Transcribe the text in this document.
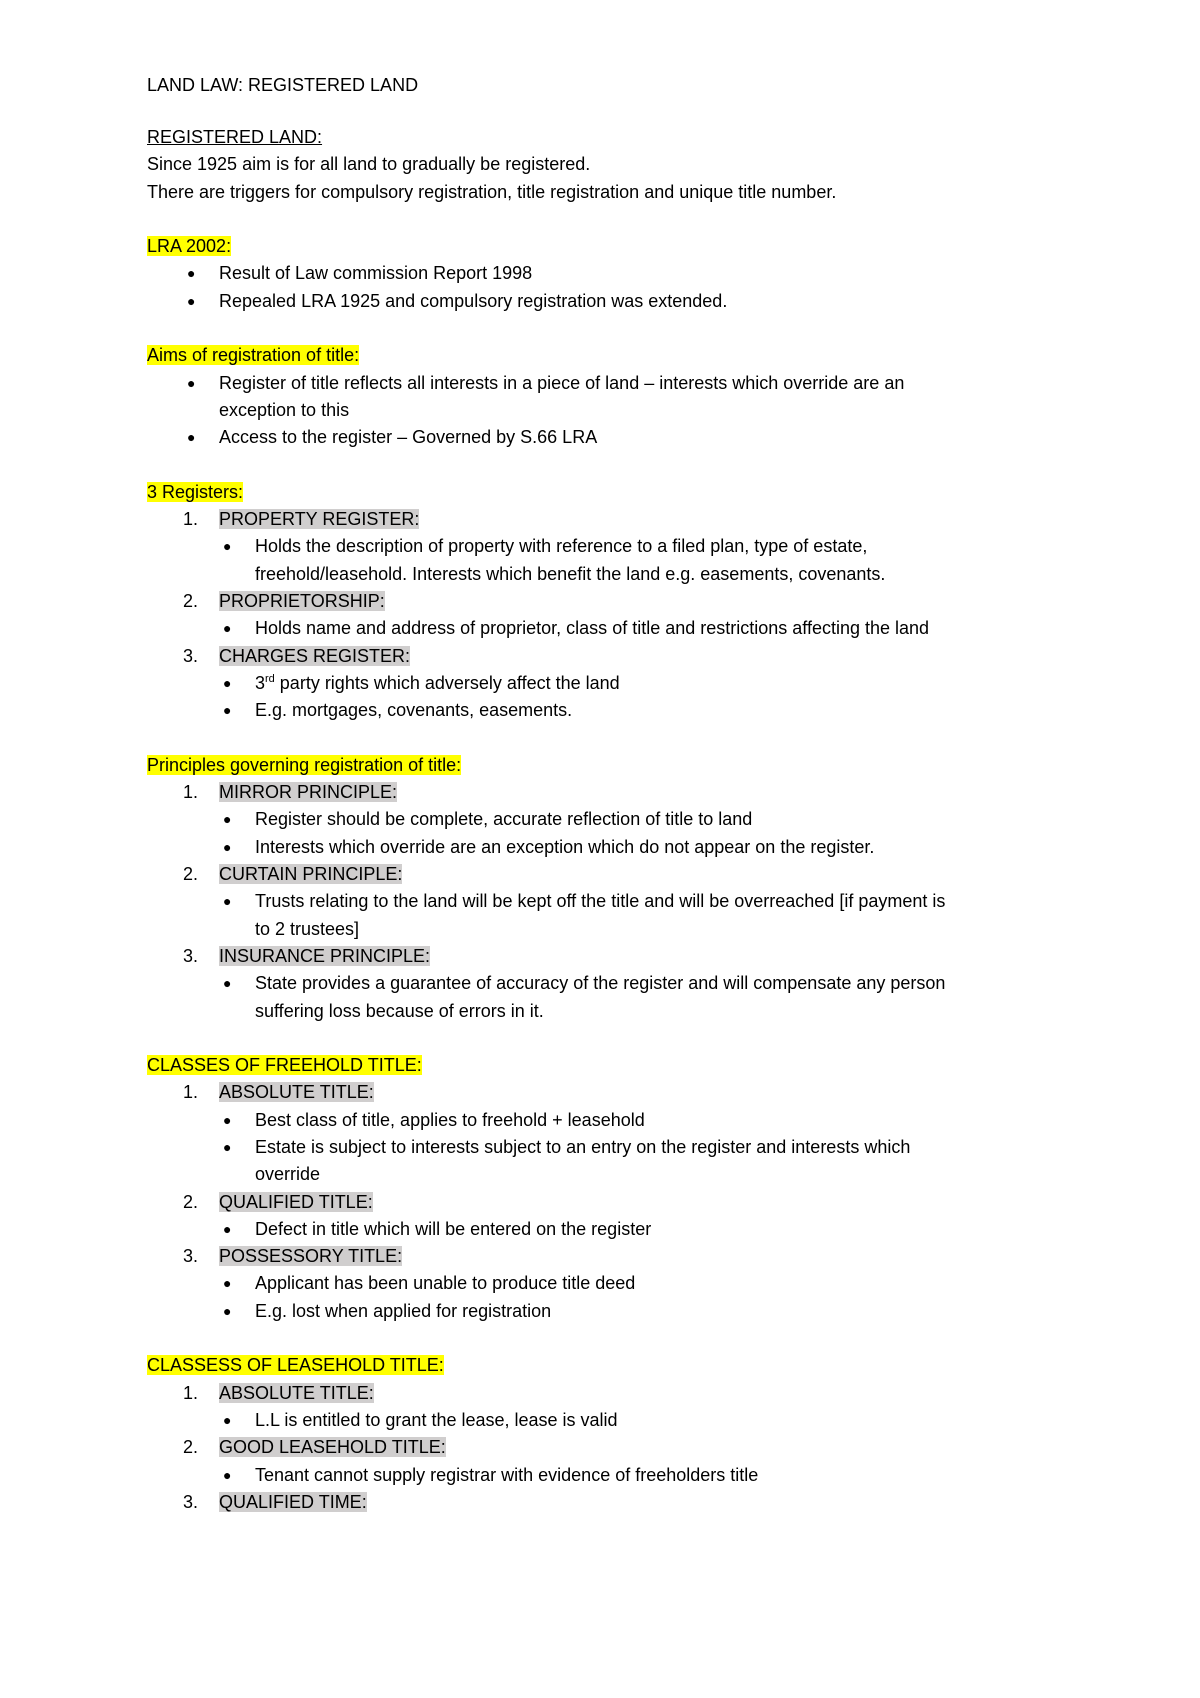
LAND LAW: REGISTERED LAND
REGISTERED LAND:
Since 1925 aim is for all land to gradually be registered.
There are triggers for compulsory registration, title registration and unique title number.
LRA 2002:
● Result of Law commission Report 1998
● Repealed LRA 1925 and compulsory registration was extended.
Aims of registration of title:
● Register of title reflects all interests in a piece of land – interests which override are an
exception to this
● Access to the register – Governed by S.66 LRA
3 Registers:
1. PROPERTY REGISTER:
● Holds the description of property with reference to a filed plan, type of estate,
freehold/leasehold. Interests which benefit the land e.g. easements, covenants.
2. PROPRIETORSHIP:
● Holds name and address of proprietor, class of title and restrictions affecting the land
3. CHARGES REGISTER:
● 3rd party rights which adversely affect the land
● E.g. mortgages, covenants, easements.
Principles governing registration of title:
1. MIRROR PRINCIPLE:
● Register should be complete, accurate reflection of title to land
● Interests which override are an exception which do not appear on the register.
2. CURTAIN PRINCIPLE:
● Trusts relating to the land will be kept off the title and will be overreached [if payment is
to 2 trustees]
3. INSURANCE PRINCIPLE:
● State provides a guarantee of accuracy of the register and will compensate any person
suffering loss because of errors in it.
CLASSES OF FREEHOLD TITLE:
1. ABSOLUTE TITLE:
● Best class of title, applies to freehold + leasehold
● Estate is subject to interests subject to an entry on the register and interests which
override
2. QUALIFIED TITLE:
● Defect in title which will be entered on the register
3. POSSESSORY TITLE:
● Applicant has been unable to produce title deed
● E.g. lost when applied for registration
CLASSESS OF LEASEHOLD TITLE:
1. ABSOLUTE TITLE:
● L.L is entitled to grant the lease, lease is valid
2. GOOD LEASEHOLD TITLE:
● Tenant cannot supply registrar with evidence of freeholders title
3. QUALIFIED TIME:
